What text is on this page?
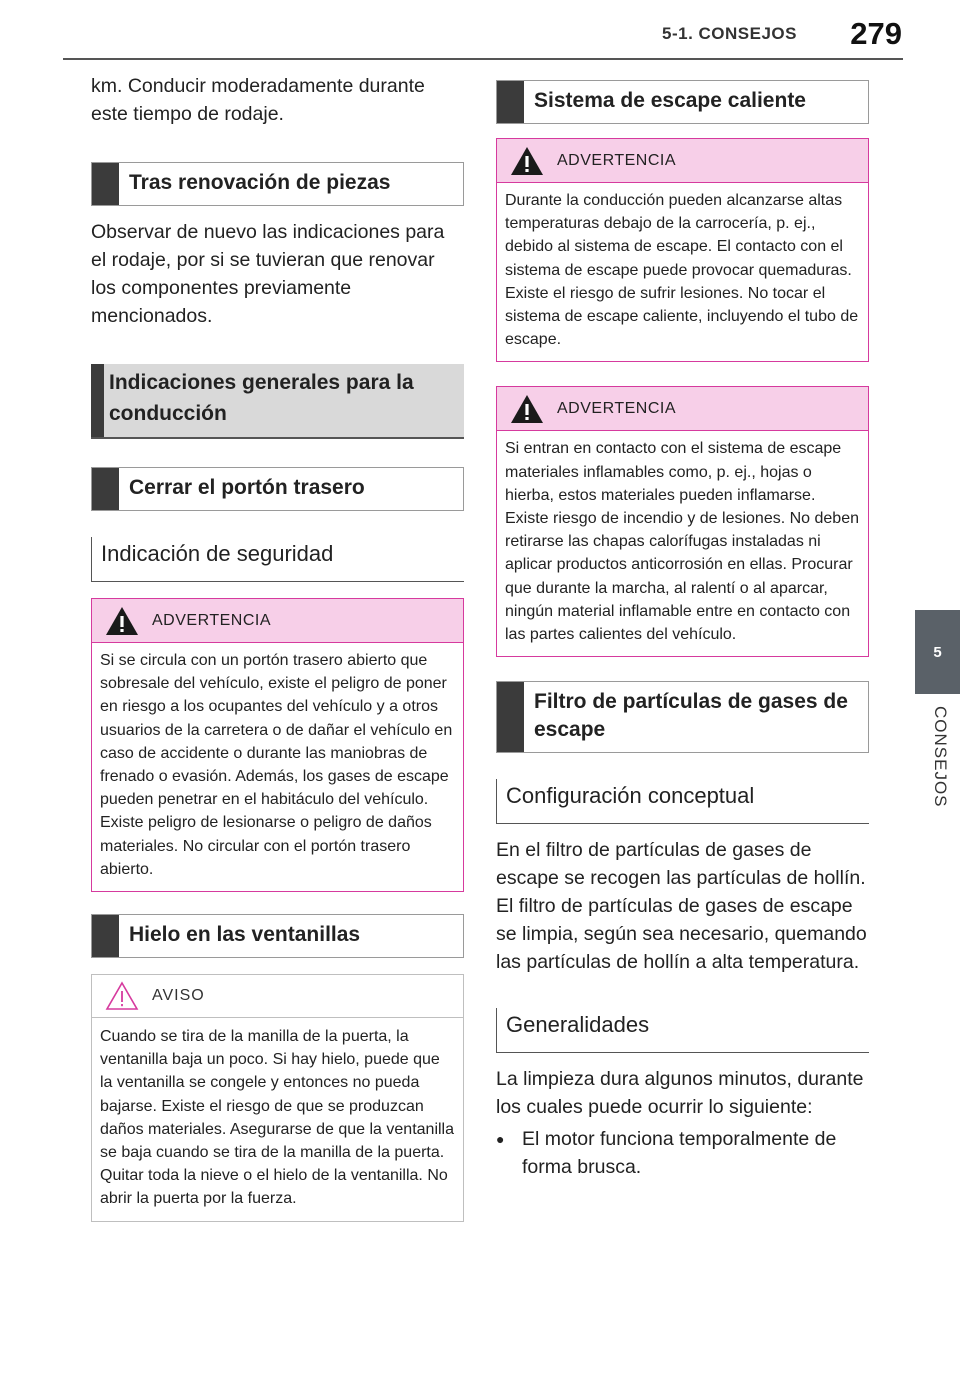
5-1. CONSEJOS 279
5
CONSEJOS

km. Conducir moderadamente durante este tiempo de rodaje.

Tras renovación de piezas

Observar de nuevo las indicaciones para el rodaje, por si se tuvieran que renovar los componentes previamente mencionados.

Indicaciones generales para la conducción
Cerrar el portón trasero
Indicación de seguridad
ADVERTENCIA
Si se circula con un portón trasero abierto que sobresale del vehículo, existe el peligro de poner en riesgo a los ocupantes del vehículo y a otros usuarios de la carretera o de dañar el vehículo en caso de accidente o durante las maniobras de frenado o evasión. Además, los gases de escape pueden penetrar en el habitáculo del vehículo. Existe peligro de lesionarse o peligro de daños materiales. No circular con el portón trasero abierto.
Hielo en las ventanillas
AVISO
Cuando se tira de la manilla de la puerta, la ventanilla baja un poco. Si hay hielo, puede que la ventanilla se congele y entonces no pueda bajarse. Existe el riesgo de que se produzcan daños materiales. Asegurarse de que la ventanilla se baja cuando se tira de la manilla de la puerta. Quitar toda la nieve o el hielo de la ventanilla. No abrir la puerta por la fuerza.
Sistema de escape caliente
ADVERTENCIA
Durante la conducción pueden alcanzarse altas temperaturas debajo de la carrocería, p. ej., debido al sistema de escape. El contacto con el sistema de escape puede provocar quemaduras. Existe el riesgo de sufrir lesiones. No tocar el sistema de escape caliente, incluyendo el tubo de escape.
ADVERTENCIA
Si entran en contacto con el sistema de escape materiales inflamables como, p. ej., hojas o hierba, estos materiales pueden inflamarse. Existe riesgo de incendio y de lesiones. No deben retirarse las chapas calorífugas instaladas ni aplicar productos anticorrosión en ellas. Procurar que durante la marcha, al ralentí o al aparcar, ningún material inflamable entre en contacto con las partes calientes del vehículo.
Filtro de partículas de gases de escape
Configuración conceptual

En el filtro de partículas de gases de escape se recogen las partículas de hollín. El filtro de partículas de gases de escape se limpia, según sea necesario, quemando las partículas de hollín a alta temperatura.

Generalidades

La limpieza dura algunos minutos, durante los cuales puede ocurrir lo siguiente:

● El motor funciona temporalmente de forma brusca.
